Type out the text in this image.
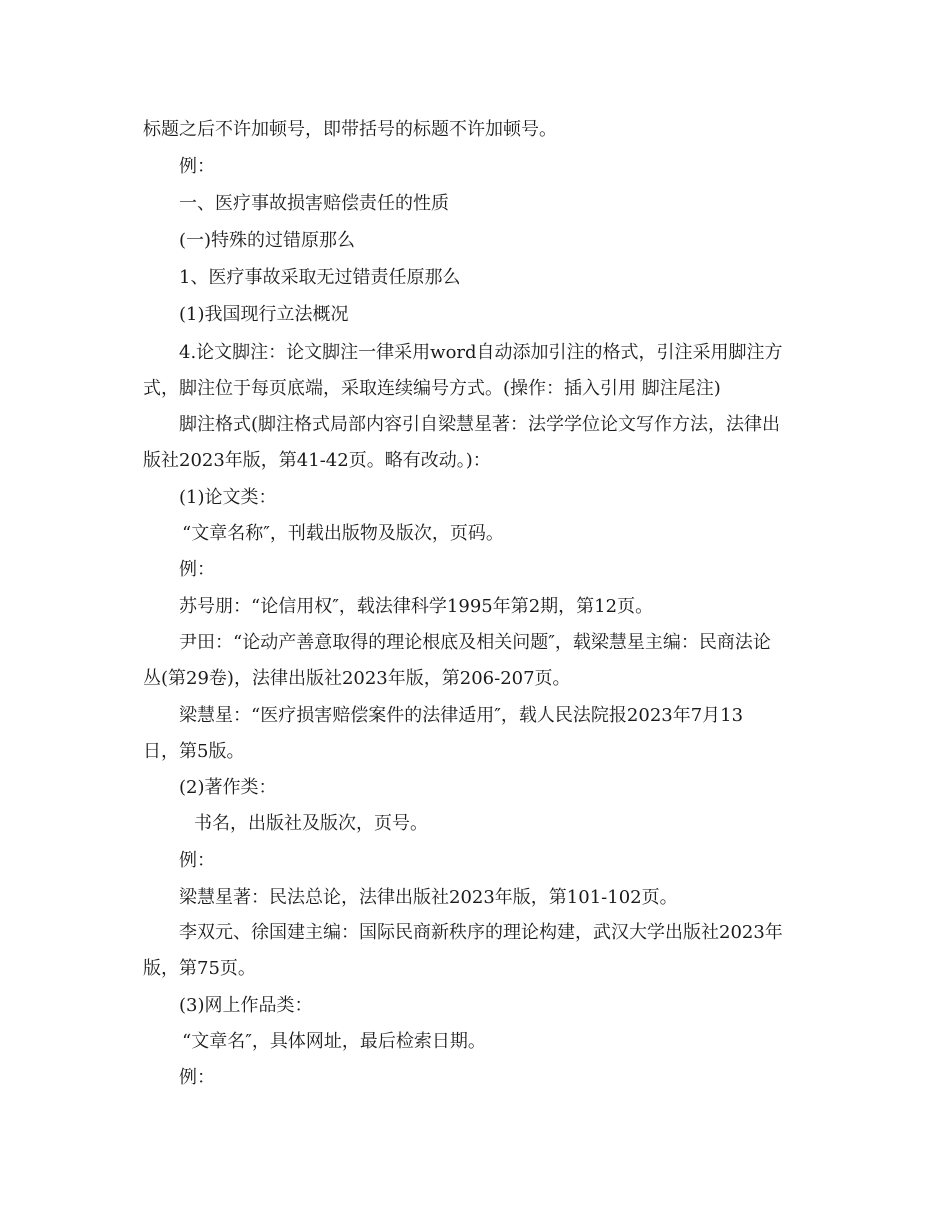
标题之后不许加顿号，即带括号的标题不许加顿号。
例：
一、医疗事故损害赔偿责任的性质
(一)特殊的过错原那么
1、医疗事故采取无过错责任原那么
(1)我国现行立法概况
4.论文脚注：论文脚注一律采用word自动添加引注的格式，引注采用脚注方
式，脚注位于每页底端，采取连续编号方式。(操作：插入引用 脚注尾注)
脚注格式(脚注格式局部内容引自梁慧星著：法学学位论文写作方法，法律出
版社2023年版，第41-42页。略有改动。)：
(1)论文类：
“文章名称″，刊载出版物及版次，页码。
例：
苏号朋：“论信用权″，载法律科学1995年第2期，第12页。
尹田：“论动产善意取得的理论根底及相关问题″，载梁慧星主编：民商法论
丛(第29卷)，法律出版社2023年版，第206-207页。
梁慧星：“医疗损害赔偿案件的法律适用″，载人民法院报2023年7月13
日，第5版。
(2)著作类：
书名，出版社及版次，页号。
例：
梁慧星著：民法总论，法律出版社2023年版，第101-102页。
李双元、徐国建主编：国际民商新秩序的理论构建，武汉大学出版社2023年
版，第75页。
(3)网上作品类：
“文章名″，具体网址，最后检索日期。
例：
